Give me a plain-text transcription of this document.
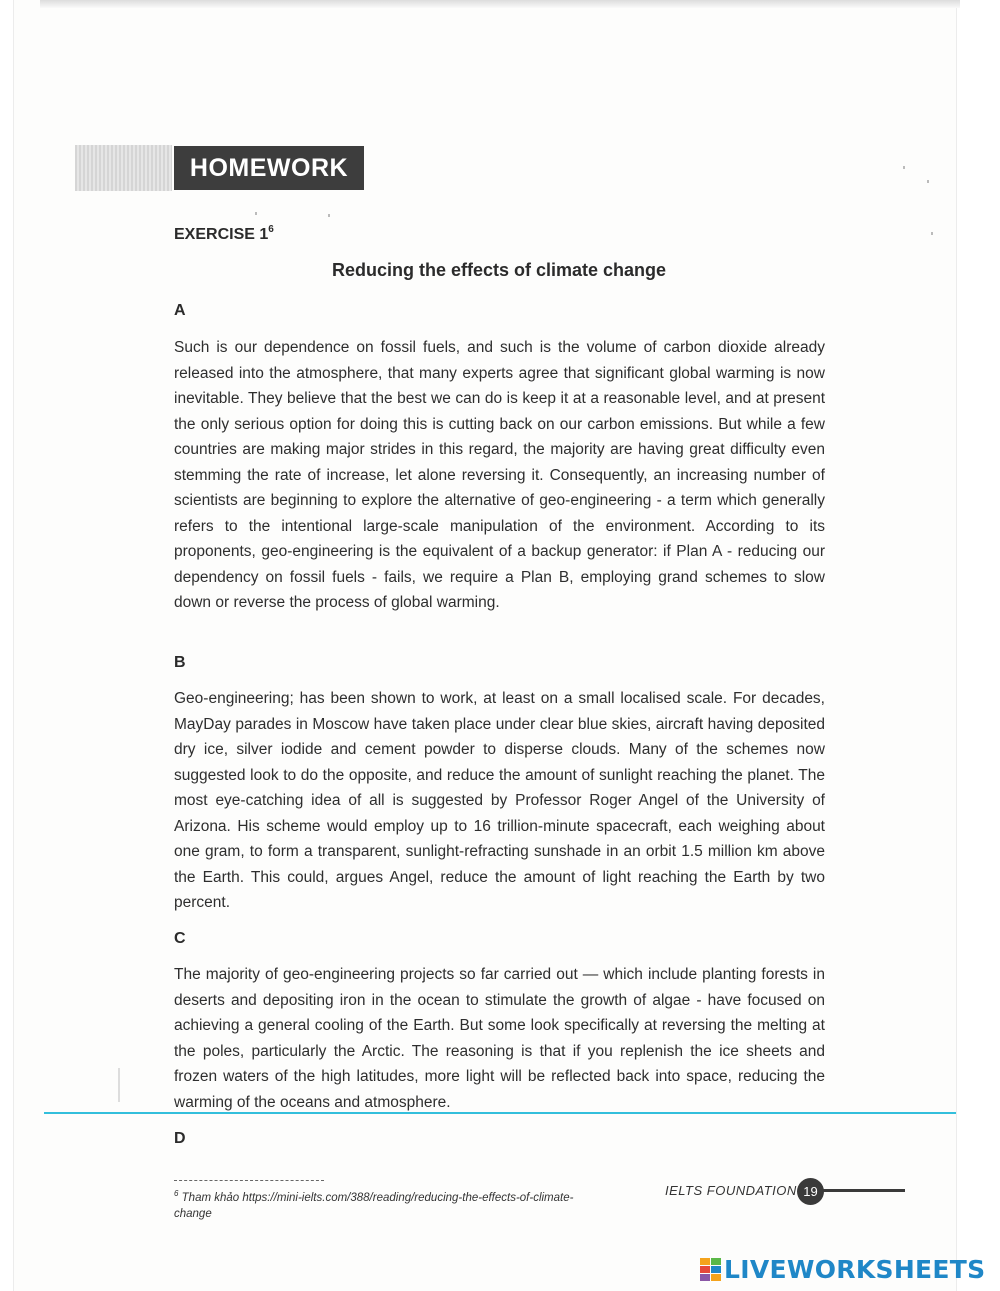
HOMEWORK
EXERCISE $1^6$
Reducing the effects of climate change
A

Such is our dependence on fossil fuels, and such is the volume of carbon dioxide already released into the atmosphere, that many experts agree that significant global warming is now inevitable. They believe that the best we can do is keep it at a reasonable level, and at present the only serious option for doing this is cutting back on our carbon emissions. But while a few countries are making major strides in this regard, the majority are having great difficulty even stemming the rate of increase, let alone reversing it. Consequently, an increasing number of scientists are beginning to explore the alternative of geo-engineering - a term which generally refers to the intentional large-scale manipulation of the environment. According to its proponents, geo-engineering is the equivalent of a backup generator: if Plan A - reducing our dependency on fossil fuels - fails, we require a Plan B, employing grand schemes to slow down or reverse the process of global warming.

B

Geo-engineering; has been shown to work, at least on a small localised scale. For decades, MayDay parades in Moscow have taken place under clear blue skies, aircraft having deposited dry ice, silver iodide and cement powder to disperse clouds. Many of the schemes now suggested look to do the opposite, and reduce the amount of sunlight reaching the planet. The most eye-catching idea of all is suggested by Professor Roger Angel of the University of Arizona. His scheme would employ up to 16 trillion-minute spacecraft, each weighing about one gram, to form a transparent, sunlight-refracting sunshade in an orbit 1.5 million km above the Earth. This could, argues Angel, reduce the amount of light reaching the Earth by two percent.

C

The majority of geo-engineering projects so far carried out — which include planting forests in deserts and depositing iron in the ocean to stimulate the growth of algae - have focused on achieving a general cooling of the Earth. But some look specifically at reversing the melting at the poles, particularly the Arctic. The reasoning is that if you replenish the ice sheets and frozen waters of the high latitudes, more light will be reflected back into space, reducing the warming of the oceans and atmosphere.

D
$^6$ Tham khảo https://mini-ielts.com/388/reading/reducing-the-effects-of-climate-change
IELTS FOUNDATION 19
LIVEWORKSHEETS
